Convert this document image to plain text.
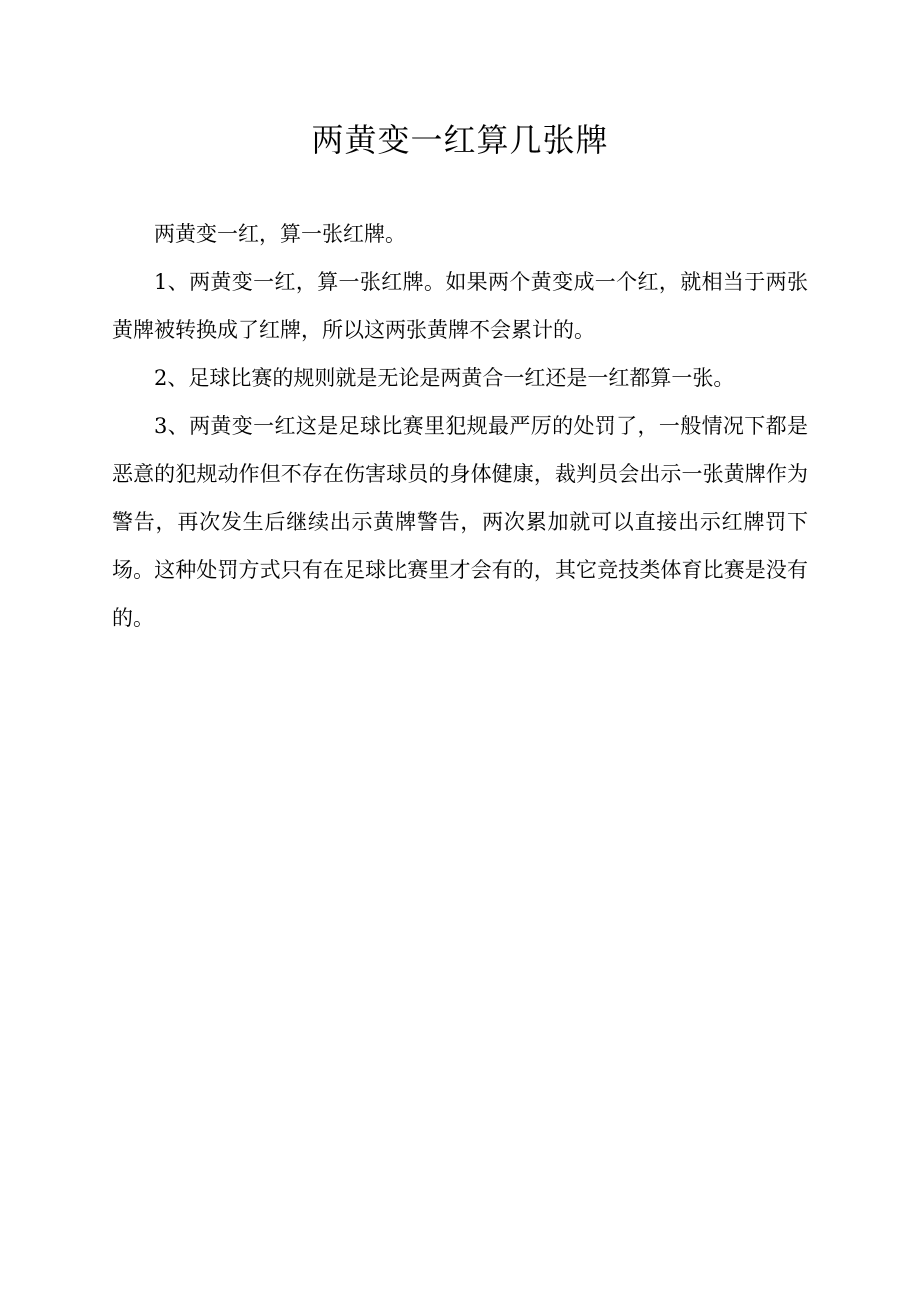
两黄变一红算几张牌

两黄变一红，算一张红牌。

1、两黄变一红，算一张红牌。如果两个黄变成一个红，就相当于两张黄牌被转换成了红牌，所以这两张黄牌不会累计的。

2、足球比赛的规则就是无论是两黄合一红还是一红都算一张。

3、两黄变一红这是足球比赛里犯规最严厉的处罚了，一般情况下都是恶意的犯规动作但不存在伤害球员的身体健康，裁判员会出示一张黄牌作为警告，再次发生后继续出示黄牌警告，两次累加就可以直接出示红牌罚下场。这种处罚方式只有在足球比赛里才会有的，其它竞技类体育比赛是没有的。
